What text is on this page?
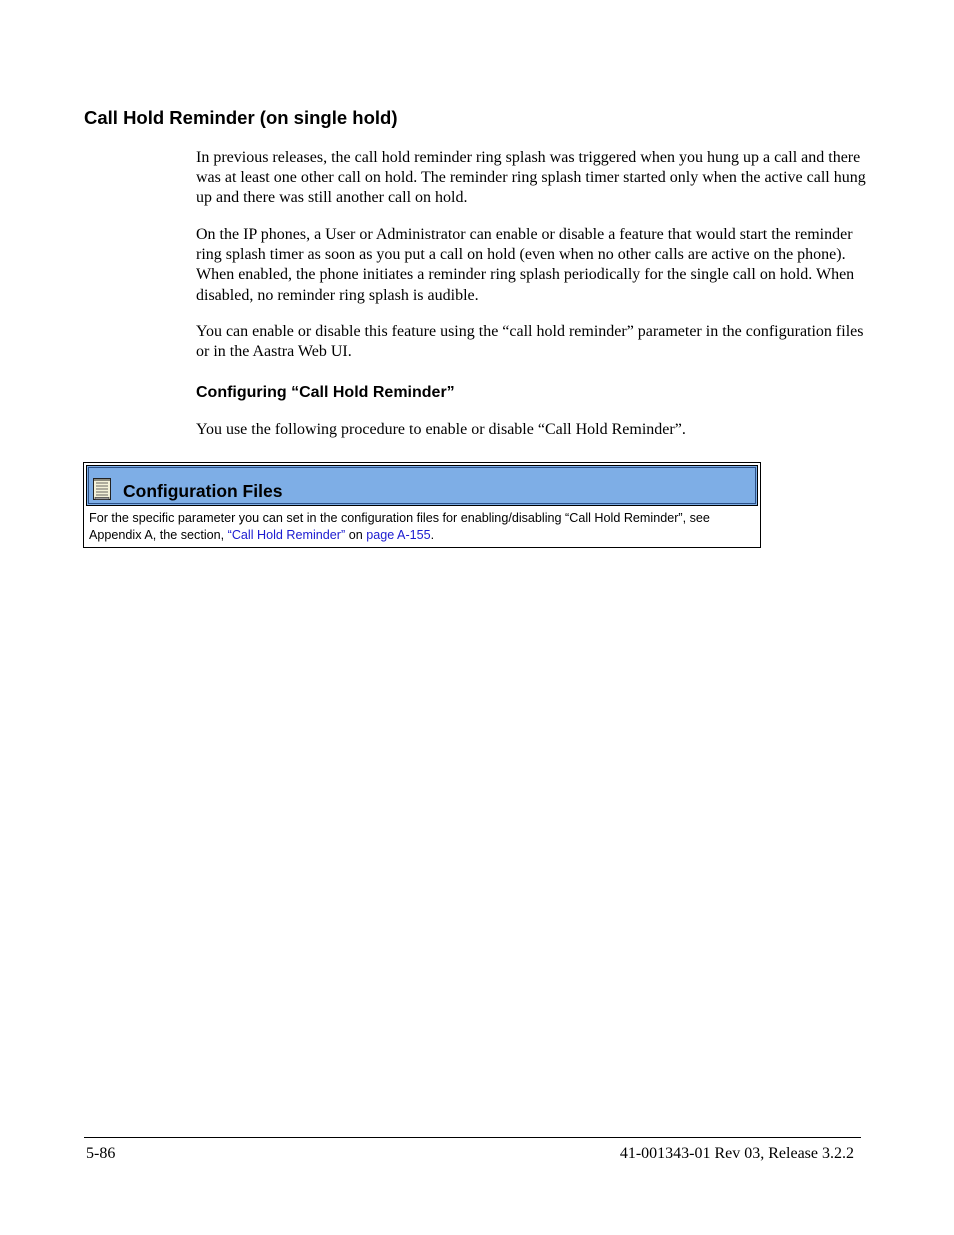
Call Hold Reminder (on single hold)

In previous releases, the call hold reminder ring splash was triggered when you hung up a call and there was at least one other call on hold. The reminder ring splash timer started only when the active call hung up and there was still another call on hold.

On the IP phones, a User or Administrator can enable or disable a feature that would start the reminder ring splash timer as soon as you put a call on hold (even when no other calls are active on the phone). When enabled, the phone initiates a reminder ring splash periodically for the single call on hold. When disabled, no reminder ring splash is audible.

You can enable or disable this feature using the “call hold reminder” parameter in the configuration files or in the Aastra Web UI.

Configuring “Call Hold Reminder”

You use the following procedure to enable or disable “Call Hold Reminder”.

Configuration Files

For the specific parameter you can set in the configuration files for enabling/disabling “Call Hold Reminder”, see Appendix A, the section, “Call Hold Reminder” on page A-155.

5-86	41-001343-01 Rev 03, Release 3.2.2
